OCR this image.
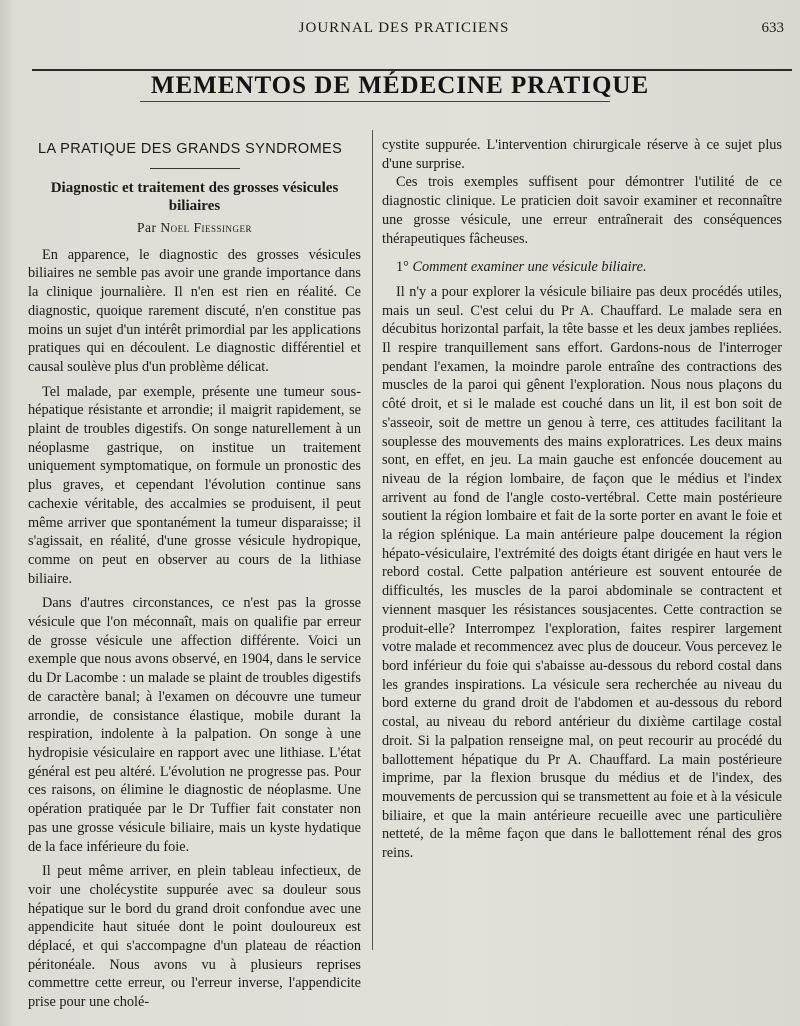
JOURNAL DES PRATICIENS	633
MEMENTOS DE MÉDECINE PRATIQUE
LA PRATIQUE DES GRANDS SYNDROMES
Diagnostic et traitement des grosses vésicules biliaires
Par Noel Fiessinger

En apparence, le diagnostic des grosses vésicules biliaires ne semble pas avoir une grande importance dans la clinique journalière. Il n'en est rien en réalité. Ce diagnostic, quoique rarement discuté, n'en constitue pas moins un sujet d'un intérêt primordial par les applications pratiques qui en découlent. Le diagnostic différentiel et causal soulève plus d'un problème délicat.

Tel malade, par exemple, présente une tumeur sous-hépatique résistante et arrondie; il maigrit rapidement, se plaint de troubles digestifs. On songe naturellement à un néoplasme gastrique, on institue un traitement uniquement symptomatique, on formule un pronostic des plus graves, et cependant l'évolution continue sans cachexie véritable, des accalmies se produisent, il peut même arriver que spontanément la tumeur disparaisse; il s'agissait, en réalité, d'une grosse vésicule hydropique, comme on peut en observer au cours de la lithiase biliaire.

Dans d'autres circonstances, ce n'est pas la grosse vésicule que l'on méconnaît, mais on qualifie par erreur de grosse vésicule une affection différente. Voici un exemple que nous avons observé, en 1904, dans le service du Dr Lacombe : un malade se plaint de troubles digestifs de caractère banal; à l'examen on découvre une tumeur arrondie, de consistance élastique, mobile durant la respiration, indolente à la palpation. On songe à une hydropisie vésiculaire en rapport avec une lithiase. L'état général est peu altéré. L'évolution ne progresse pas. Pour ces raisons, on élimine le diagnostic de néoplasme. Une opération pratiquée par le Dr Tuffier fait constater non pas une grosse vésicule biliaire, mais un kyste hydatique de la face inférieure du foie.

Il peut même arriver, en plein tableau infectieux, de voir une cholécystite suppurée avec sa douleur sous hépatique sur le bord du grand droit confondue avec une appendicite haut située dont le point douloureux est déplacé, et qui s'accompagne d'un plateau de réaction péritonéale. Nous avons vu à plusieurs reprises commettre cette erreur, ou l'erreur inverse, l'appendicite prise pour une cholé-

cystite suppurée. L'intervention chirurgicale réserve à ce sujet plus d'une surprise.

Ces trois exemples suffisent pour démontrer l'utilité de ce diagnostic clinique. Le praticien doit savoir examiner et reconnaître une grosse vésicule, une erreur entraînerait des conséquences thérapeutiques fâcheuses.

1° Comment examiner une vésicule biliaire.

Il n'y a pour explorer la vésicule biliaire pas deux procédés utiles, mais un seul. C'est celui du Pr A. Chauffard. Le malade sera en décubitus horizontal parfait, la tête basse et les deux jambes repliées. Il respire tranquillement sans effort. Gardons-nous de l'interroger pendant l'examen, la moindre parole entraîne des contractions des muscles de la paroi qui gênent l'exploration. Nous nous plaçons du côté droit, et si le malade est couché dans un lit, il est bon soit de s'asseoir, soit de mettre un genou à terre, ces attitudes facilitant la souplesse des mouvements des mains exploratrices. Les deux mains sont, en effet, en jeu. La main gauche est enfoncée doucement au niveau de la région lombaire, de façon que le médius et l'index arrivent au fond de l'angle costo-vertébral. Cette main postérieure soutient la région lombaire et fait de la sorte porter en avant le foie et la région splénique. La main antérieure palpe doucement la région hépato-vésiculaire, l'extrémité des doigts étant dirigée en haut vers le rebord costal. Cette palpation antérieure est souvent entourée de difficultés, les muscles de la paroi abdominale se contractent et viennent masquer les résistances sousjacentes. Cette contraction se produit-elle? Interrompez l'exploration, faites respirer largement votre malade et recommencez avec plus de douceur. Vous percevez le bord inférieur du foie qui s'abaisse au-dessous du rebord costal dans les grandes inspirations. La vésicule sera recherchée au niveau du bord externe du grand droit de l'abdomen et au-dessous du rebord costal, au niveau du rebord antérieur du dixième cartilage costal droit. Si la palpation renseigne mal, on peut recourir au procédé du ballottement hépatique du Pr A. Chauffard. La main postérieure imprime, par la flexion brusque du médius et de l'index, des mouvements de percussion qui se transmettent au foie et à la vésicule biliaire, et que la main antérieure recueille avec une particulière netteté, de la même façon que dans le ballottement rénal des gros reins.
